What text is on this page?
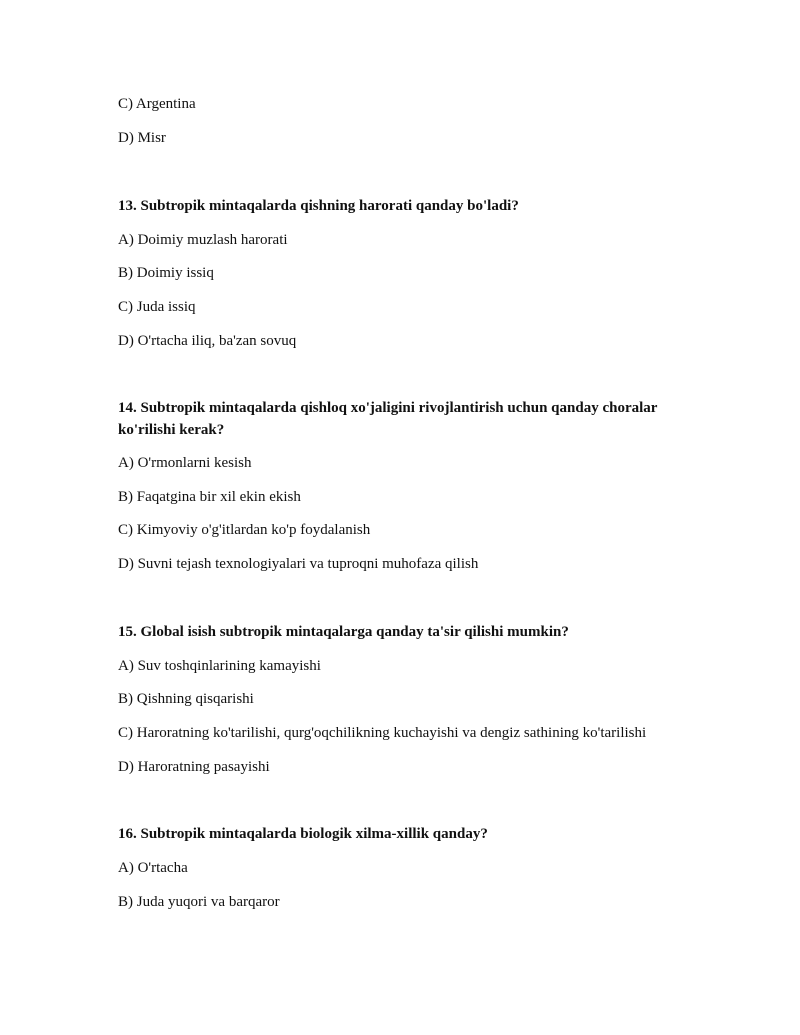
C) Argentina
D) Misr
13. Subtropik mintaqalarda qishning harorati qanday bo'ladi?
A) Doimiy muzlash harorati
B) Doimiy issiq
C) Juda issiq
D) O'rtacha iliq, ba'zan sovuq
14. Subtropik mintaqalarda qishloq xo'jaligini rivojlantirish uchun qanday choralar ko'rilishi kerak?
A) O'rmonlarni kesish
B) Faqatgina bir xil ekin ekish
C) Kimyoviy o'g'itlardan ko'p foydalanish
D) Suvni tejash texnologiyalari va tuproqni muhofaza qilish
15. Global isish subtropik mintaqalarga qanday ta'sir qilishi mumkin?
A) Suv toshqinlarining kamayishi
B) Qishning qisqarishi
C) Haroratning ko'tarilishi, qurg'oqchilikning kuchayishi va dengiz sathining ko'tarilishi
D) Haroratning pasayishi
16. Subtropik mintaqalarda biologik xilma-xillik qanday?
A) O'rtacha
B) Juda yuqori va barqaror
